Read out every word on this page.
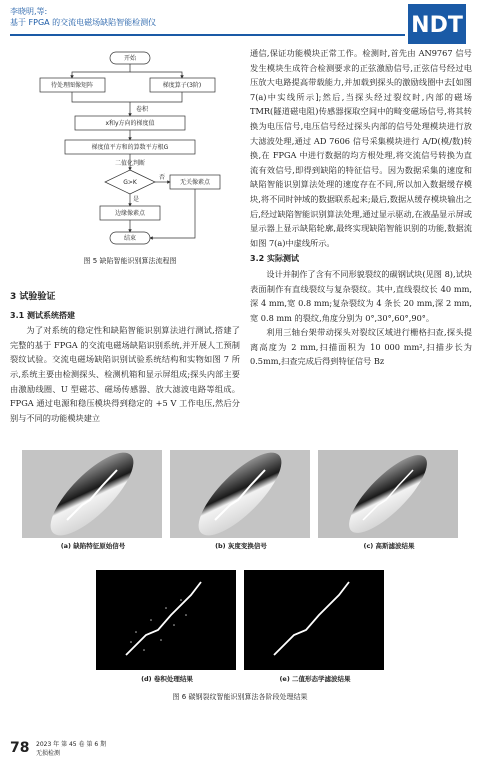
李晓明,等:
基于 FPGA 的交流电磁场缺陷智能检测仪	NDT
开始
待处理图像矩阵	梯度算子(3阶)
卷积
x和y方向的梯度值
梯度值平方和的算数平方根G
二值化判断
G>K
否
是
无关像素点
边缘像素点
结束
图 5 缺陷智能识别算法流程图

3 试验验证

3.1 测试系统搭建

为了对系统的稳定性和缺陷智能识别算法进行测试,搭建了完整的基于 FPGA 的交流电磁场缺陷识别系统,并开展人工预制裂纹试验。交流电磁场缺陷识别试验系统结构和实物如图 7 所示,系统主要由检测探头、检测机箱和显示屏组成;探头内部主要由激励线圈、U 型磁芯、磁场传感器、放大滤波电路等组成。FPGA 通过电源和稳压模块得到稳定的 +5 V 工作电压,然后分别与不同的功能模块建立

通信,保证功能模块正常工作。检测时,首先由 AN9767 信号发生模块生成符合检测要求的正弦激励信号,正弦信号经过电压放大电路提高带载能力,并加载到探头的激励线圈中去[如图 7(a)中实线所示];然后,当探头经过裂纹时,内部的磁场 TMR(隧道磁电阻)传感器探取空间中的畸变磁场信号,将其转换为电压信号,电压信号经过探头内部的信号处理模块进行放大滤波处理,通过 AD 7606 信号采集模块进行 A/D(模/数)转换,在 FPGA 中进行数据的均方根处理,将交流信号转换为直流有效信号,即得到缺陷的特征信号。因为数据采集的速度和缺陷智能识别算法处理的速度存在不同,所以加入数据缓存模块,将不同时钟域的数据联系起来;最后,数据从缓存模块输出之后,经过缺陷智能识别算法处理,通过显示驱动,在液晶显示屏或显示器上显示缺陷轮廓,最终实现缺陷智能识别的功能,数据流如图 7(a)中虚线所示。

3.2 实际测试

设计并制作了含有不同形貌裂纹的碳钢试块(见图 8),试块表面制作有直线裂纹与复杂裂纹。其中,直线裂纹长 40 mm,深 4 mm,宽 0.8 mm;复杂裂纹为 4 条长 20 mm,深 2 mm,宽 0.8 mm 的裂纹,角度分别为 0°,30°,60°,90°。

利用三轴台架带动探头对裂纹区域进行栅格扫查,探头提离高度为 2 mm,扫描面积为 10 000 mm²,扫描步长为 0.5mm,扫查完成后得到特征信号 Bz

(a) 缺陷特征原始信号	(b) 灰度变换信号	(c) 高斯滤波结果
(d) 卷积处理结果	(e) 二值形态学滤波结果
图 6 碳钢裂纹智能识别算法各阶段处理结果
78 2023 年 第 45 卷 第 6 期
无损检测
